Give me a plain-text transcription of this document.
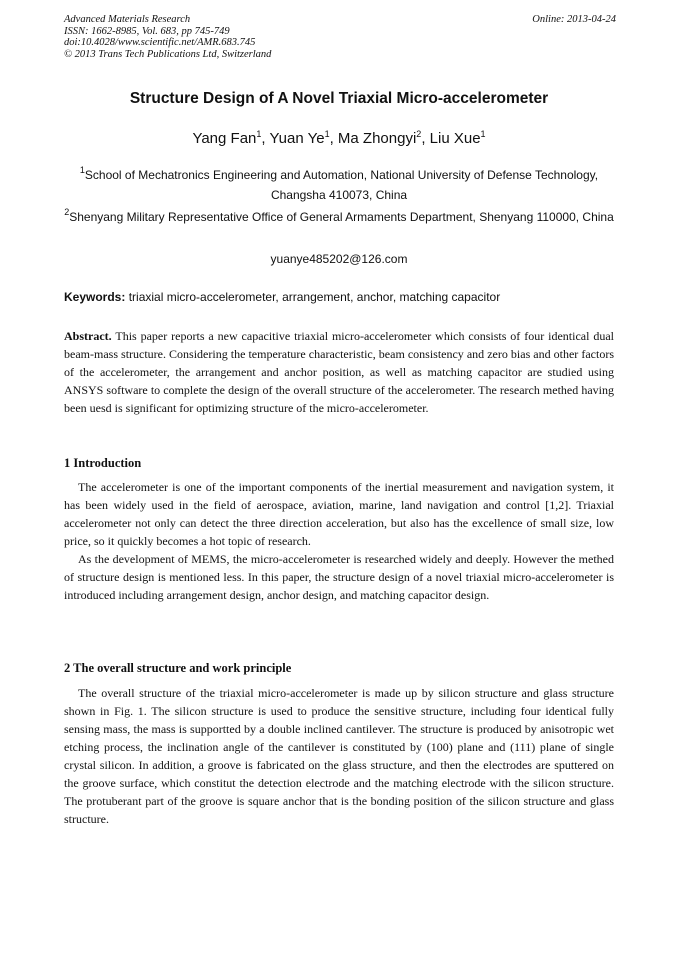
Advanced Materials Research
ISSN: 1662-8985, Vol. 683, pp 745-749
doi:10.4028/www.scientific.net/AMR.683.745
© 2013 Trans Tech Publications Ltd, Switzerland
Online: 2013-04-24
Structure Design of A Novel Triaxial Micro-accelerometer
Yang Fan$^1$, Yuan Ye$^1$, Ma Zhongyi$^2$, Liu Xue$^1$
$^1$School of Mechatronics Engineering and Automation, National University of Defense Technology, Changsha 410073, China
$^2$Shenyang Military Representative Office of General Armaments Department, Shenyang 110000, China
yuanye485202@126.com
Keywords: triaxial micro-accelerometer, arrangement, anchor, matching capacitor

Abstract. This paper reports a new capacitive triaxial micro-accelerometer which consists of four identical dual beam-mass structure. Considering the temperature characteristic, beam consistency and zero bias and other factors of the accelerometer, the arrangement and anchor position, as well as matching capacitor are studied using ANSYS software to complete the design of the overall structure of the accelerometer. The research methed having been uesd is significant for optimizing structure of the micro-accelerometer.

1 Introduction

The accelerometer is one of the important components of the inertial measurement and navigation system, it has been widely used in the field of aerospace, aviation, marine, land navigation and control [1,2]. Triaxial accelerometer not only can detect the three direction acceleration, but also has the excellence of small size, low price, so it quickly becomes a hot topic of research.

As the development of MEMS, the micro-accelerometer is researched widely and deeply. However the methed of structure design is mentioned less. In this paper, the structure design of a novel triaxial micro-accelerometer is introduced including arrangement design, anchor design, and matching capacitor design.

2 The overall structure and work principle

The overall structure of the triaxial micro-accelerometer is made up by silicon structure and glass structure shown in Fig. 1. The silicon structure is used to produce the sensitive structure, including four identical fully sensing mass, the mass is supportted by a double inclined cantilever. The structure is produced by anisotropic wet etching process, the inclination angle of the cantilever is constituted by (100) plane and (111) plane of single crystal silicon. In addition, a groove is fabricated on the glass structure, and then the electrodes are sputtered on the groove surface, which constitut the detection electrode and the matching electrode with the silicon structure. The protuberant part of the groove is square anchor that is the bonding position of the silicon structure and glass structure.
